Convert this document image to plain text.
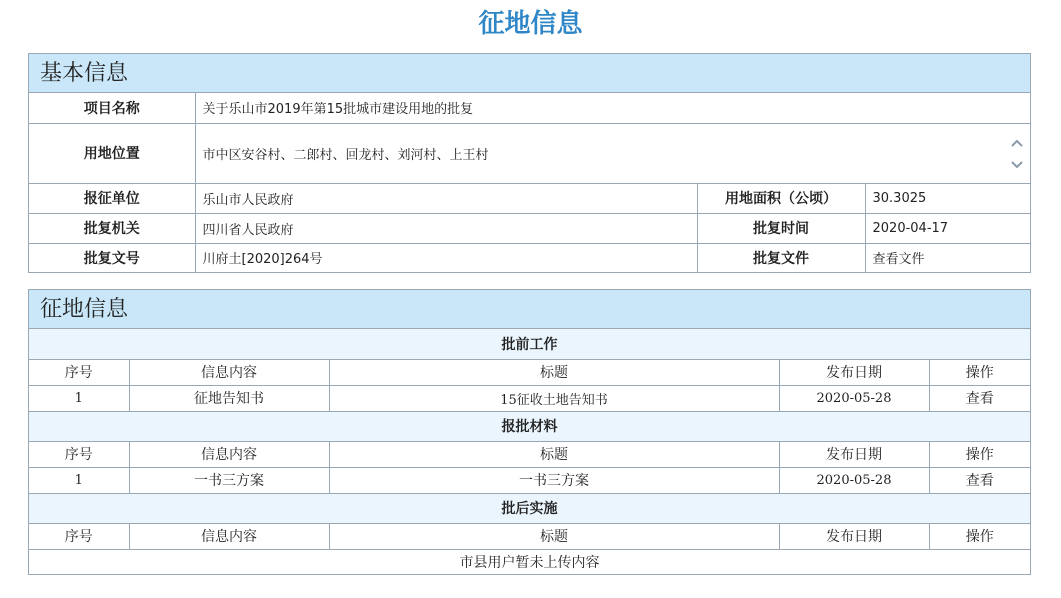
征地信息
基本信息
项目名称	关于乐山市2019年第15批城市建设用地的批复		
用地位置	市中区安谷村、二郎村、回龙村、刘河村、上王村		

报征单位	乐山市人民政府	用地面积（公顷）	30.3025
批复机关	四川省人民政府	批复时间	2020-04-17
批复文号	川府土[2020]264号	批复文件	查看文件
征地信息
批前工作				
序号	信息内容	标题	发布日期	操作
1	征地告知书	15征收土地告知书	2020-05-28	查看
报批材料				
序号	信息内容	标题	发布日期	操作
1	一书三方案	一书三方案	2020-05-28	查看
批后实施				
序号	信息内容	标题	发布日期	操作
市县用户暂未上传内容				
